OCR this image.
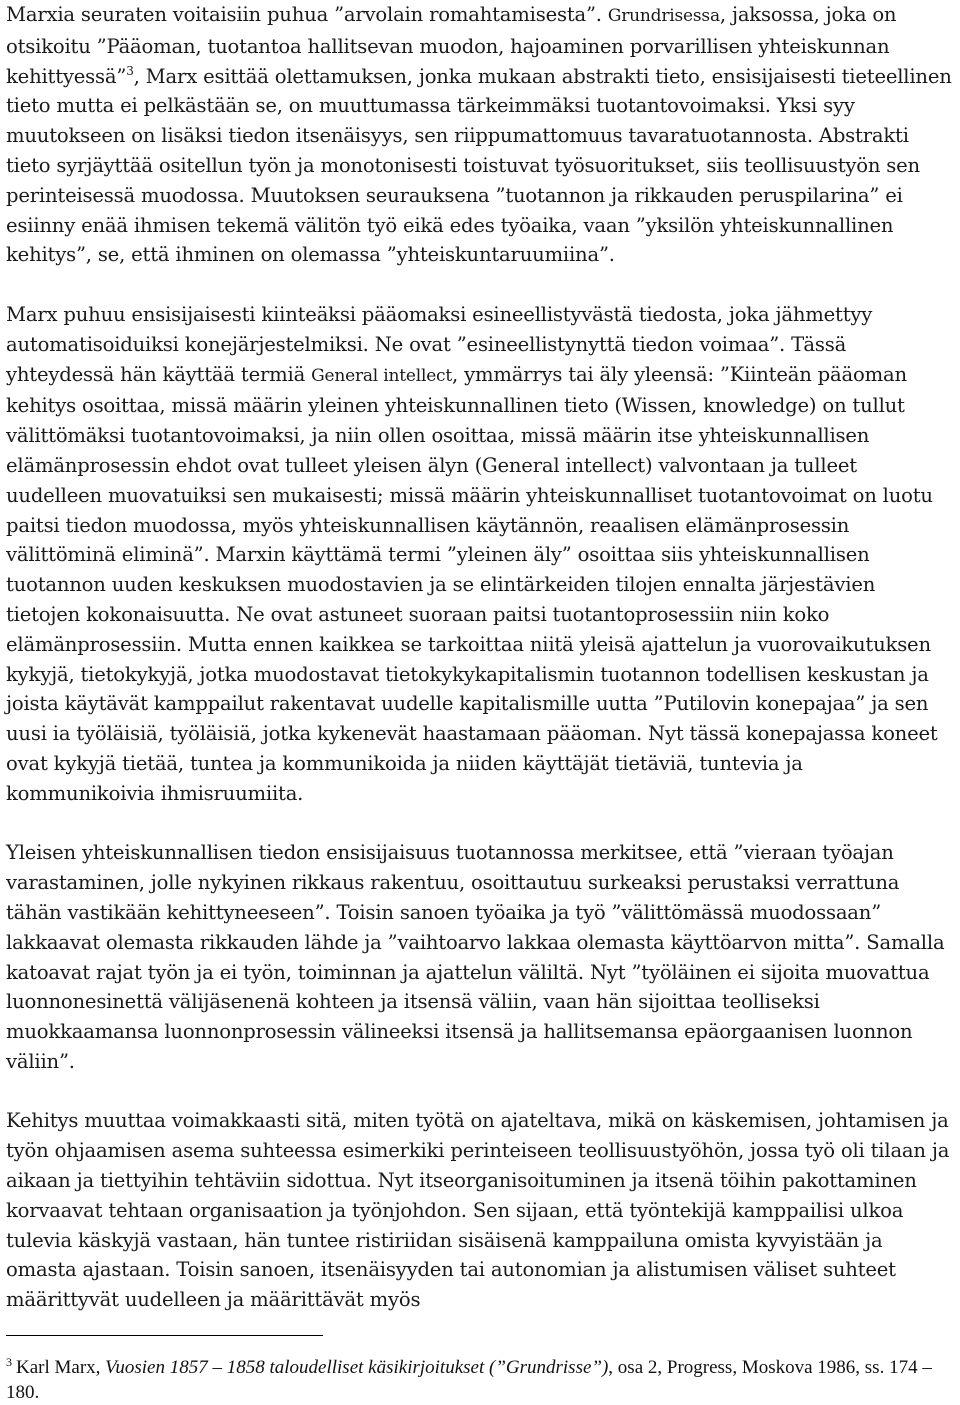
Marxia seuraten voitaisiin puhua ”arvolain romahtamisesta”. Grundrisessa, jaksossa, joka on otsikoitu ”Pääoman, tuotantoa hallitsevan muodon, hajoaminen porvarillisen yhteiskunnan kehittyessä”$^3$, Marx esittää olettamuksen, jonka mukaan abstrakti tieto, ensisijaisesti tieteellinen tieto mutta ei pelkästään se, on muuttumassa tärkeimmäksi tuotantovoimaksi. Yksi syy muutokseen on lisäksi tiedon itsenäisyys, sen riippumattomuus tavaratuotannosta. Abstrakti tieto syrjäyttää ositellun työn ja monotonisesti toistuvat työsuoritukset, siis teollisuustyön sen perinteisessä muodossa. Muutoksen seurauksena ”tuotannon ja rikkauden peruspilarina” ei esiinny enää ihmisen tekemä välitön työ eikä edes työaika, vaan ”yksilön yhteiskunnallinen kehitys”, se, että ihminen on olemassa ”yhteiskuntaruumiina”.

Marx puhuu ensisijaisesti kiinteäksi pääomaksi esineellistyvästä tiedosta, joka jähmettyy automatisoiduiksi konejärjestelmiksi. Ne ovat ”esineellistynyttä tiedon voimaa”. Tässä yhteydessä hän käyttää termiä General intellect, ymmärrys tai äly yleensä: ”Kiinteän pääoman kehitys osoittaa, missä määrin yleinen yhteiskunnallinen tieto (Wissen, knowledge) on tullut välittömäksi tuotantovoimaksi, ja niin ollen osoittaa, missä määrin itse yhteiskunnallisen elämänprosessin ehdot ovat tulleet yleisen älyn (General intellect) valvontaan ja tulleet uudelleen muovatuiksi sen mukaisesti; missä määrin yhteiskunnalliset tuotantovoimat on luotu paitsi tiedon muodossa, myös yhteiskunnallisen käytännön, reaalisen elämänprosessin välittöminä eliminä”. Marxin käyttämä termi ”yleinen äly” osoittaa siis yhteiskunnallisen tuotannon uuden keskuksen muodostavien ja se elintärkeiden tilojen ennalta järjestävien tietojen kokonaisuutta. Ne ovat astuneet suoraan paitsi tuotantoprosessiin niin koko elämänprosessiin. Mutta ennen kaikkea se tarkoittaa niitä yleisä ajattelun ja vuorovaikutuksen kykyjä, tietokykyjä, jotka muodostavat tietokykykapitalismin tuotannon todellisen keskustan ja joista käytävät kamppailut rakentavat uudelle kapitalismille uutta ”Putilovin konepajaa” ja sen uusi ia työläisiä, työläisiä, jotka kykenevät haastamaan pääoman. Nyt tässä konepajassa koneet ovat kykyjä tietää, tuntea ja kommunikoida ja niiden käyttäjät tietäviä, tuntevia ja kommunikoivia ihmisruumiita.

Yleisen yhteiskunnallisen tiedon ensisijaisuus tuotannossa merkitsee, että ”vieraan työajan varastaminen, jolle nykyinen rikkaus rakentuu, osoittautuu surkeaksi perustaksi verrattuna tähän vastikään kehittyneeseen”. Toisin sanoen työaika ja työ ”välittömässä muodossaan” lakkaavat olemasta rikkauden lähde ja ”vaihtoarvo lakkaa olemasta käyttöarvon mitta”. Samalla katoavat rajat työn ja ei työn, toiminnan ja ajattelun väliltä. Nyt ”työläinen ei sijoita muovattua luonnonesinettä välijäsenenä kohteen ja itsensä väliin, vaan hän sijoittaa teolliseksi muokkaamansa luonnonprosessin välineeksi itsensä ja hallitsemansa epäorgaanisen luonnon väliin”.

Kehitys muuttaa voimakkaasti sitä, miten työtä on ajateltava, mikä on käskemisen, johtamisen ja työn ohjaamisen asema suhteessa esimerkiki perinteiseen teollisuustyöhön, jossa työ oli tilaan ja aikaan ja tiettyihin tehtäviin sidottua. Nyt itseorganisoituminen ja itsenä töihin pakottaminen korvaavat tehtaan organisaation ja työnjohdon. Sen sijaan, että työntekijä kamppailisi ulkoa tulevia käskyjä vastaan, hän tuntee ristiriidan sisäisenä kamppailuna omista kyvyistään ja omasta ajastaan. Toisin sanoen, itsenäisyyden tai autonomian ja alistumisen väliset suhteet määrittyvät uudelleen ja määrittävät myös

$^3$ Karl Marx, Vuosien 1857 – 1858 taloudelliset käsikirjoitukset (”Grundrisse”), osa 2, Progress, Moskova 1986, ss. 174 – 180.
